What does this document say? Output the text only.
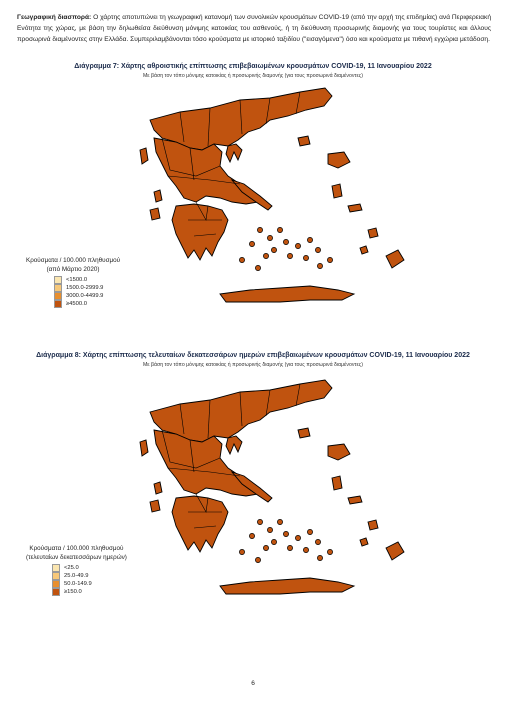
Γεωγραφική διασπορά: Ο χάρτης αποτυπώνει τη γεωγραφική κατανομή των συνολικών κρουσμάτων COVID-19 (από την αρχή της επιδημίας) ανά Περιφερειακή Ενότητα της χώρας, με βάση την δηλωθείσα διεύθυνση μόνιμης κατοικίας του ασθενούς, ή τη διεύθυνση προσωρινής διαμονής για τους τουρίστες και άλλους προσωρινά διαμένοντες στην Ελλάδα. Συμπεριλαμβάνονται τόσο κρούσματα με ιστορικό ταξιδίου ("εισαγόμενα") όσο και κρούσματα με πιθανή εγχώρια μετάδοση.
Διάγραμμα 7: Χάρτης αθροιστικής επίπτωσης επιβεβαιωμένων κρουσμάτων COVID-19, 11 Ιανουαρίου 2022
Με βάση τον τόπο μόνιμης κατοικίας ή προσωρινής διαμονής (για τους προσωρινά διαμένοντες)
Κρούσματα / 100.000 πληθυσμού
(από Μάρτιο 2020)
<1500.0
1500.0-2999.9
3000.0-4499.9
≥4500.0
Διάγραμμα 8: Χάρτης επίπτωσης τελευταίων δεκατεσσάρων ημερών επιβεβαιωμένων κρουσμάτων COVID-19, 11 Ιανουαρίου 2022
Με βάση τον τόπο μόνιμης κατοικίας ή προσωρινής διαμονής (για τους προσωρινά διαμένοντες)
Κρούσματα / 100.000 πληθυσμού
(τελευταίων δεκατεσσάρων ημερών)
<25.0
25.0-49.9
50.0-149.9
≥150.0
6
